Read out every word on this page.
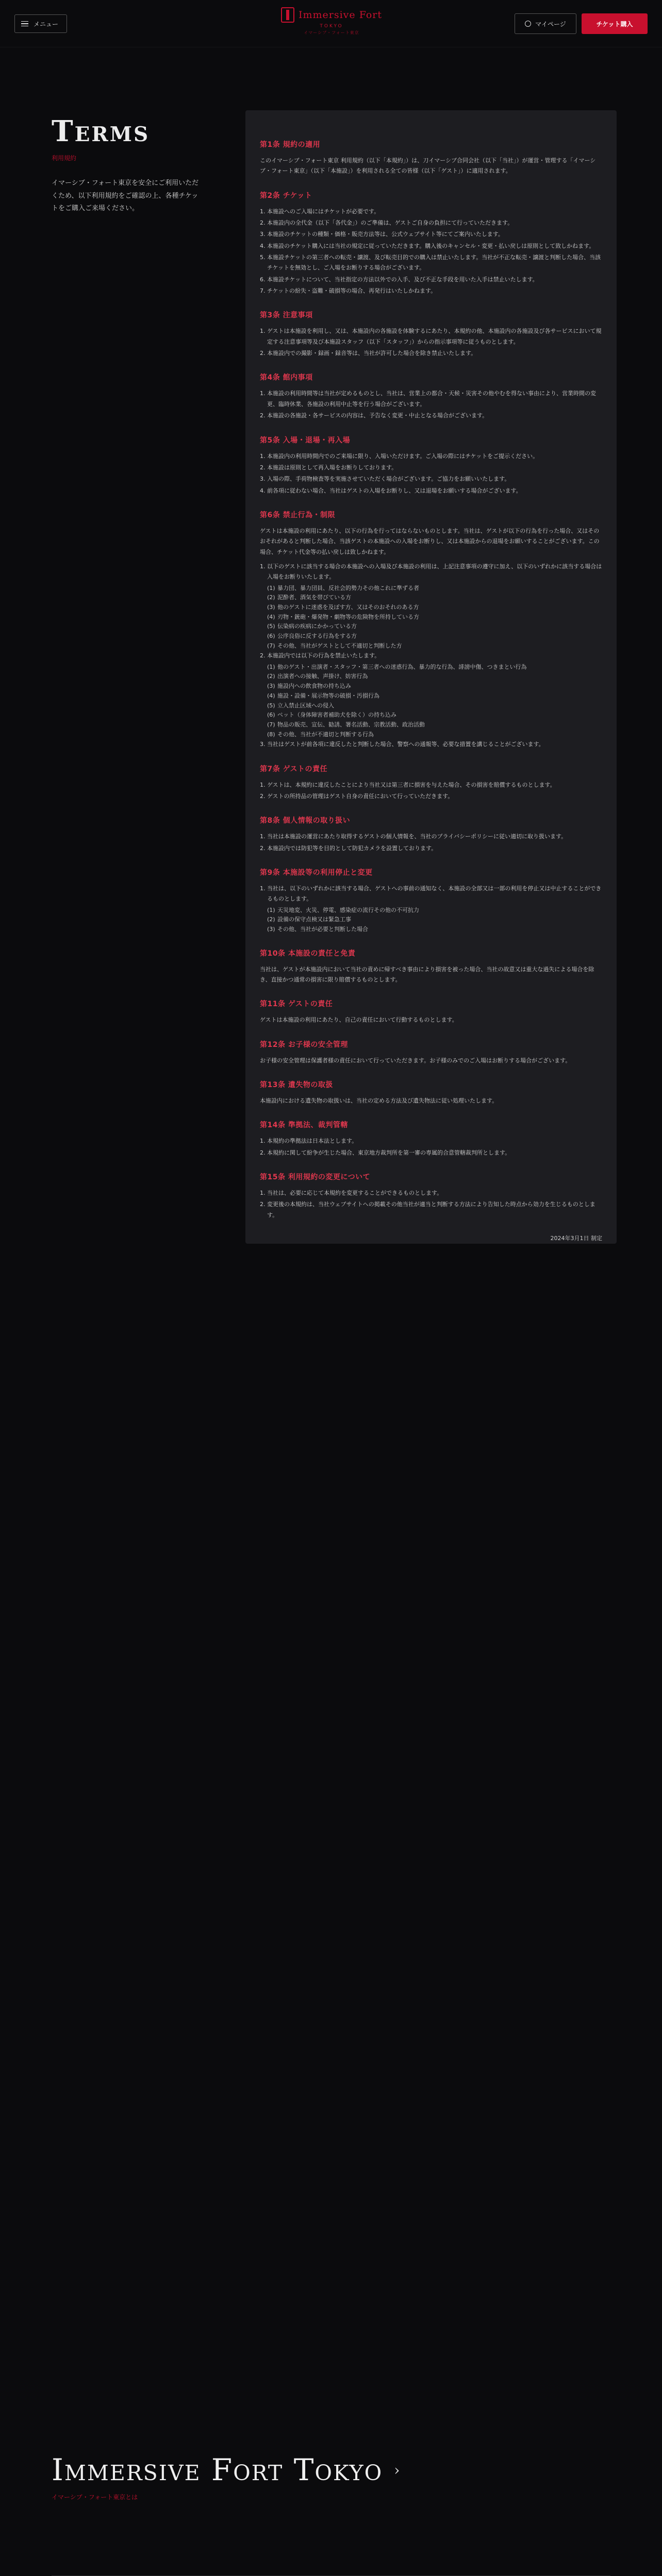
メニュー
Immersive Fort
TOKYO
イマーシブ・フォート東京
マイページ	チケット購入
Terms
利用規約

イマーシブ・フォート東京を安全にご利用いただくため、以下利用規約をご確認の上、各種チケットをご購入ご来場ください。

第1条 規約の適用

このイマーシブ・フォート東京 利用規約（以下「本規約」）は、刀イマーシブ合同会社（以下「当社」）が運営・管理する「イマーシブ・フォート東京」（以下「本施設」）を利用される全ての皆様（以下「ゲスト」）に適用されます。

第2条 チケット
1. 本施設へのご入場にはチケットが必要です。
2. 本施設内の全代金（以下「各代金」）のご準備は、ゲストご自身の負担にて行っていただきます。
3. 本施設のチケットの種類・価格・販売方法等は、公式ウェブサイト等にてご案内いたします。
4. 本施設のチケット購入には当社の規定に従っていただきます。購入後のキャンセル・変更・払い戻しは原則として致しかねます。
5. 本施設チケットの第三者への転売・譲渡、及び転売目的での購入は禁止いたします。当社が不正な転売・譲渡と判断した場合、当該チケットを無効とし、ご入場をお断りする場合がございます。
6. 本施設チケットについて、当社指定の方法以外での入手、及び不正な手段を用いた入手は禁止いたします。
7. チケットの紛失・盗難・破損等の場合、再発行はいたしかねます。
第3条 注意事項
1. ゲストは本施設を利用し、又は、本施設内の各施設を体験するにあたり、本規約の他、本施設内の各施設及び各サービスにおいて規定する注意事項等及び本施設スタッフ（以下「スタッフ」）からの指示事項等に従うものとします。
2. 本施設内での撮影・録画・録音等は、当社が許可した場合を除き禁止いたします。
第4条 館内事項
1. 本施設の利用時間等は当社が定めるものとし、当社は、営業上の都合・天候・災害その他やむを得ない事由により、営業時間の変更、臨時休業、各施設の利用中止等を行う場合がございます。
2. 本施設の各施設・各サービスの内容は、予告なく変更・中止となる場合がございます。
第5条 入場・退場・再入場
1. 本施設内の利用時間内でのご来場に限り、入場いただけます。ご入場の際にはチケットをご提示ください。
2. 本施設は原則として再入場をお断りしております。
3. 入場の際、手荷物検査等を実施させていただく場合がございます。ご協力をお願いいたします。
4. 前各項に従わない場合、当社はゲストの入場をお断りし、又は退場をお願いする場合がございます。
第6条 禁止行為・制限

ゲストは本施設の利用にあたり、以下の行為を行ってはならないものとします。当社は、ゲストが以下の行為を行った場合、又はそのおそれがあると判断した場合、当該ゲストの本施設への入場をお断りし、又は本施設からの退場をお願いすることがございます。この場合、チケット代金等の払い戻しは致しかねます。

1. 以下のゲストに該当する場合の本施設への入場及び本施設の利用は、上記注意事項の遵守に加え、以下のいずれかに該当する場合は入場をお断りいたします。
(1) 暴力団、暴力団員、反社会的勢力その他これに準ずる者
(2) 泥酔者、酒気を帯びている方
(3) 他のゲストに迷惑を及ぼす方、又はそのおそれのある方
(4) 刃物・銃砲・爆発物・劇物等の危険物を所持している方
(5) 伝染病の疾病にかかっている方
(6) 公序良俗に反する行為をする方
(7) その他、当社がゲストとして不適切と判断した方
2. 本施設内では以下の行為を禁止いたします。
(1) 他のゲスト・出演者・スタッフ・第三者への迷惑行為、暴力的な行為、誹謗中傷、つきまとい行為
(2) 出演者への接触、声掛け、妨害行為
(3) 施設内への飲食物の持ち込み
(4) 施設・設備・展示物等の破損・汚損行為
(5) 立入禁止区域への侵入
(6) ペット（身体障害者補助犬を除く）の持ち込み
(7) 物品の販売、宣伝、勧誘、署名活動、宗教活動、政治活動
(8) その他、当社が不適切と判断する行為
3. 当社はゲストが前各項に違反したと判断した場合、警察への通報等、必要な措置を講じることがございます。
第7条 ゲストの責任
1. ゲストは、本規約に違反したことにより当社又は第三者に損害を与えた場合、その損害を賠償するものとします。
2. ゲストの所持品の管理はゲスト自身の責任において行っていただきます。
第8条 個人情報の取り扱い
1. 当社は本施設の運営にあたり取得するゲストの個人情報を、当社のプライバシーポリシーに従い適切に取り扱います。
2. 本施設内では防犯等を目的として防犯カメラを設置しております。
第9条 本施設等の利用停止と変更
1. 当社は、以下のいずれかに該当する場合、ゲストへの事前の通知なく、本施設の全部又は一部の利用を停止又は中止することができるものとします。
(1) 天災地変、火災、停電、感染症の流行その他の不可抗力
(2) 設備の保守点検又は緊急工事
(3) その他、当社が必要と判断した場合
第10条 本施設の責任と免責

当社は、ゲストが本施設内において当社の責めに帰すべき事由により損害を被った場合、当社の故意又は重大な過失による場合を除き、直接かつ通常の損害に限り賠償するものとします。

第11条 ゲストの責任

ゲストは本施設の利用にあたり、自己の責任において行動するものとします。

第12条 お子様の安全管理

お子様の安全管理は保護者様の責任において行っていただきます。お子様のみでのご入場はお断りする場合がございます。

第13条 遺失物の取扱

本施設内における遺失物の取扱いは、当社の定める方法及び遺失物法に従い処理いたします。

第14条 準拠法、裁判管轄
1. 本規約の準拠法は日本法とします。
2. 本規約に関して紛争が生じた場合、東京地方裁判所を第一審の専属的合意管轄裁判所とします。
第15条 利用規約の変更について
1. 当社は、必要に応じて本規約を変更することができるものとします。
2. 変更後の本規約は、当社ウェブサイトへの掲載その他当社が適当と判断する方法により告知した時点から効力を生じるものとします。
2024年3月1日 制定
Immersive Fort Tokyo ›
イマーシブ・フォート東京とは
